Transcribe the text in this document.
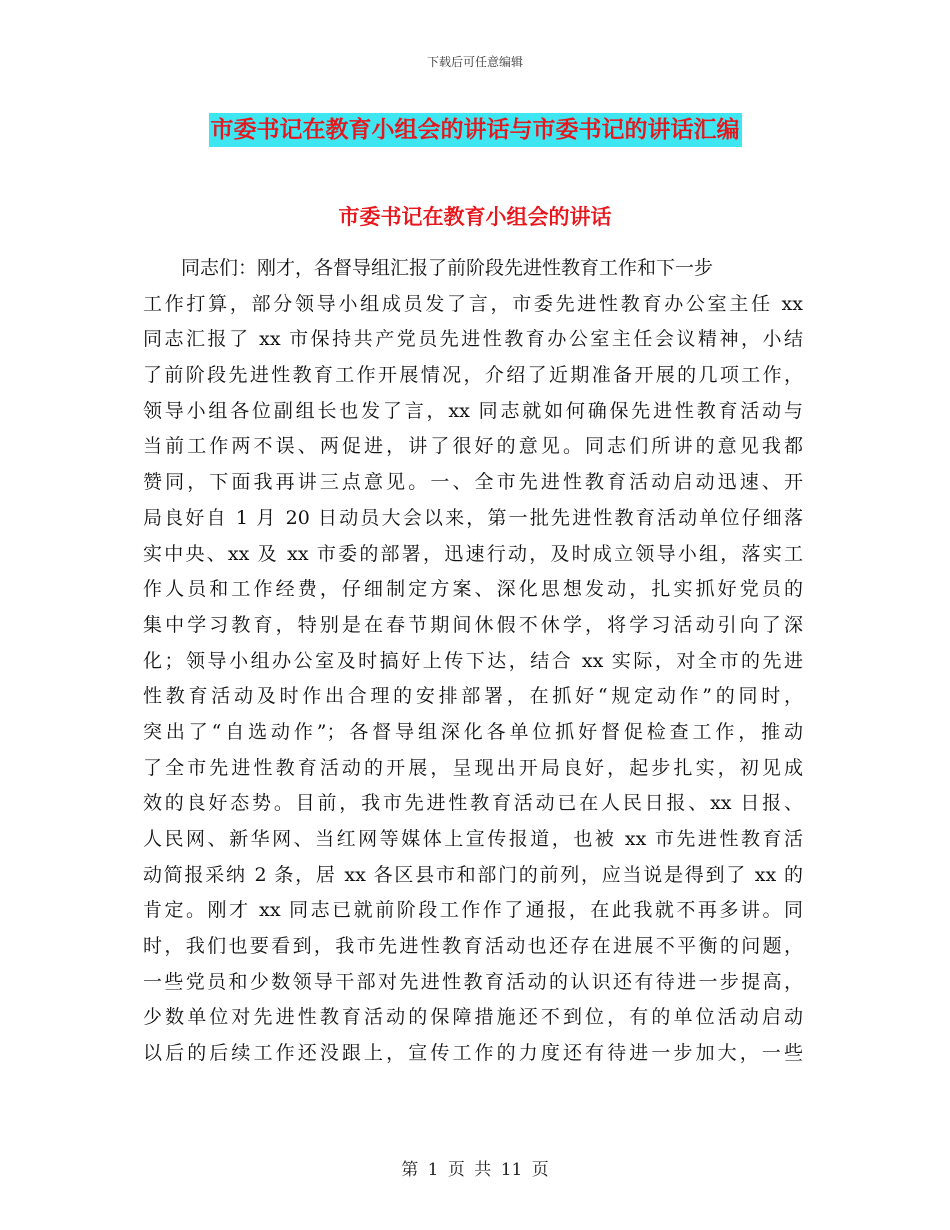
下载后可任意编辑
市委书记在教育小组会的讲话与市委书记的讲话汇编
市委书记在教育小组会的讲话
同志们：刚才，各督导组汇报了前阶段先进性教育工作和下一步
工作打算，部分领导小组成员发了言，市委先进性教育办公室主任 xx
同志汇报了 xx 市保持共产党员先进性教育办公室主任会议精神，小结
了前阶段先进性教育工作开展情况，介绍了近期准备开展的几项工作，
领导小组各位副组长也发了言，xx 同志就如何确保先进性教育活动与
当前工作两不误、两促进，讲了很好的意见。同志们所讲的意见我都
赞同，下面我再讲三点意见。一、全市先进性教育活动启动迅速、开
局良好自 1 月 20 日动员大会以来，第一批先进性教育活动单位仔细落
实中央、xx 及 xx 市委的部署，迅速行动，及时成立领导小组，落实工
作人员和工作经费，仔细制定方案、深化思想发动，扎实抓好党员的
集中学习教育，特别是在春节期间休假不休学，将学习活动引向了深
化；领导小组办公室及时搞好上传下达，结合 xx 实际，对全市的先进
性教育活动及时作出合理的安排部署，在抓好“规定动作”的同时，
突出了“自选动作”；各督导组深化各单位抓好督促检查工作，推动
了全市先进性教育活动的开展，呈现出开局良好，起步扎实，初见成
效的良好态势。目前，我市先进性教育活动已在人民日报、xx 日报、
人民网、新华网、当红网等媒体上宣传报道，也被 xx 市先进性教育活
动简报采纳 2 条，居 xx 各区县市和部门的前列，应当说是得到了 xx 的
肯定。刚才 xx 同志已就前阶段工作作了通报，在此我就不再多讲。同
时，我们也要看到，我市先进性教育活动也还存在进展不平衡的问题，
一些党员和少数领导干部对先进性教育活动的认识还有待进一步提高，
少数单位对先进性教育活动的保障措施还不到位，有的单位活动启动
以后的后续工作还没跟上，宣传工作的力度还有待进一步加大，一些
第 1 页 共 11 页
